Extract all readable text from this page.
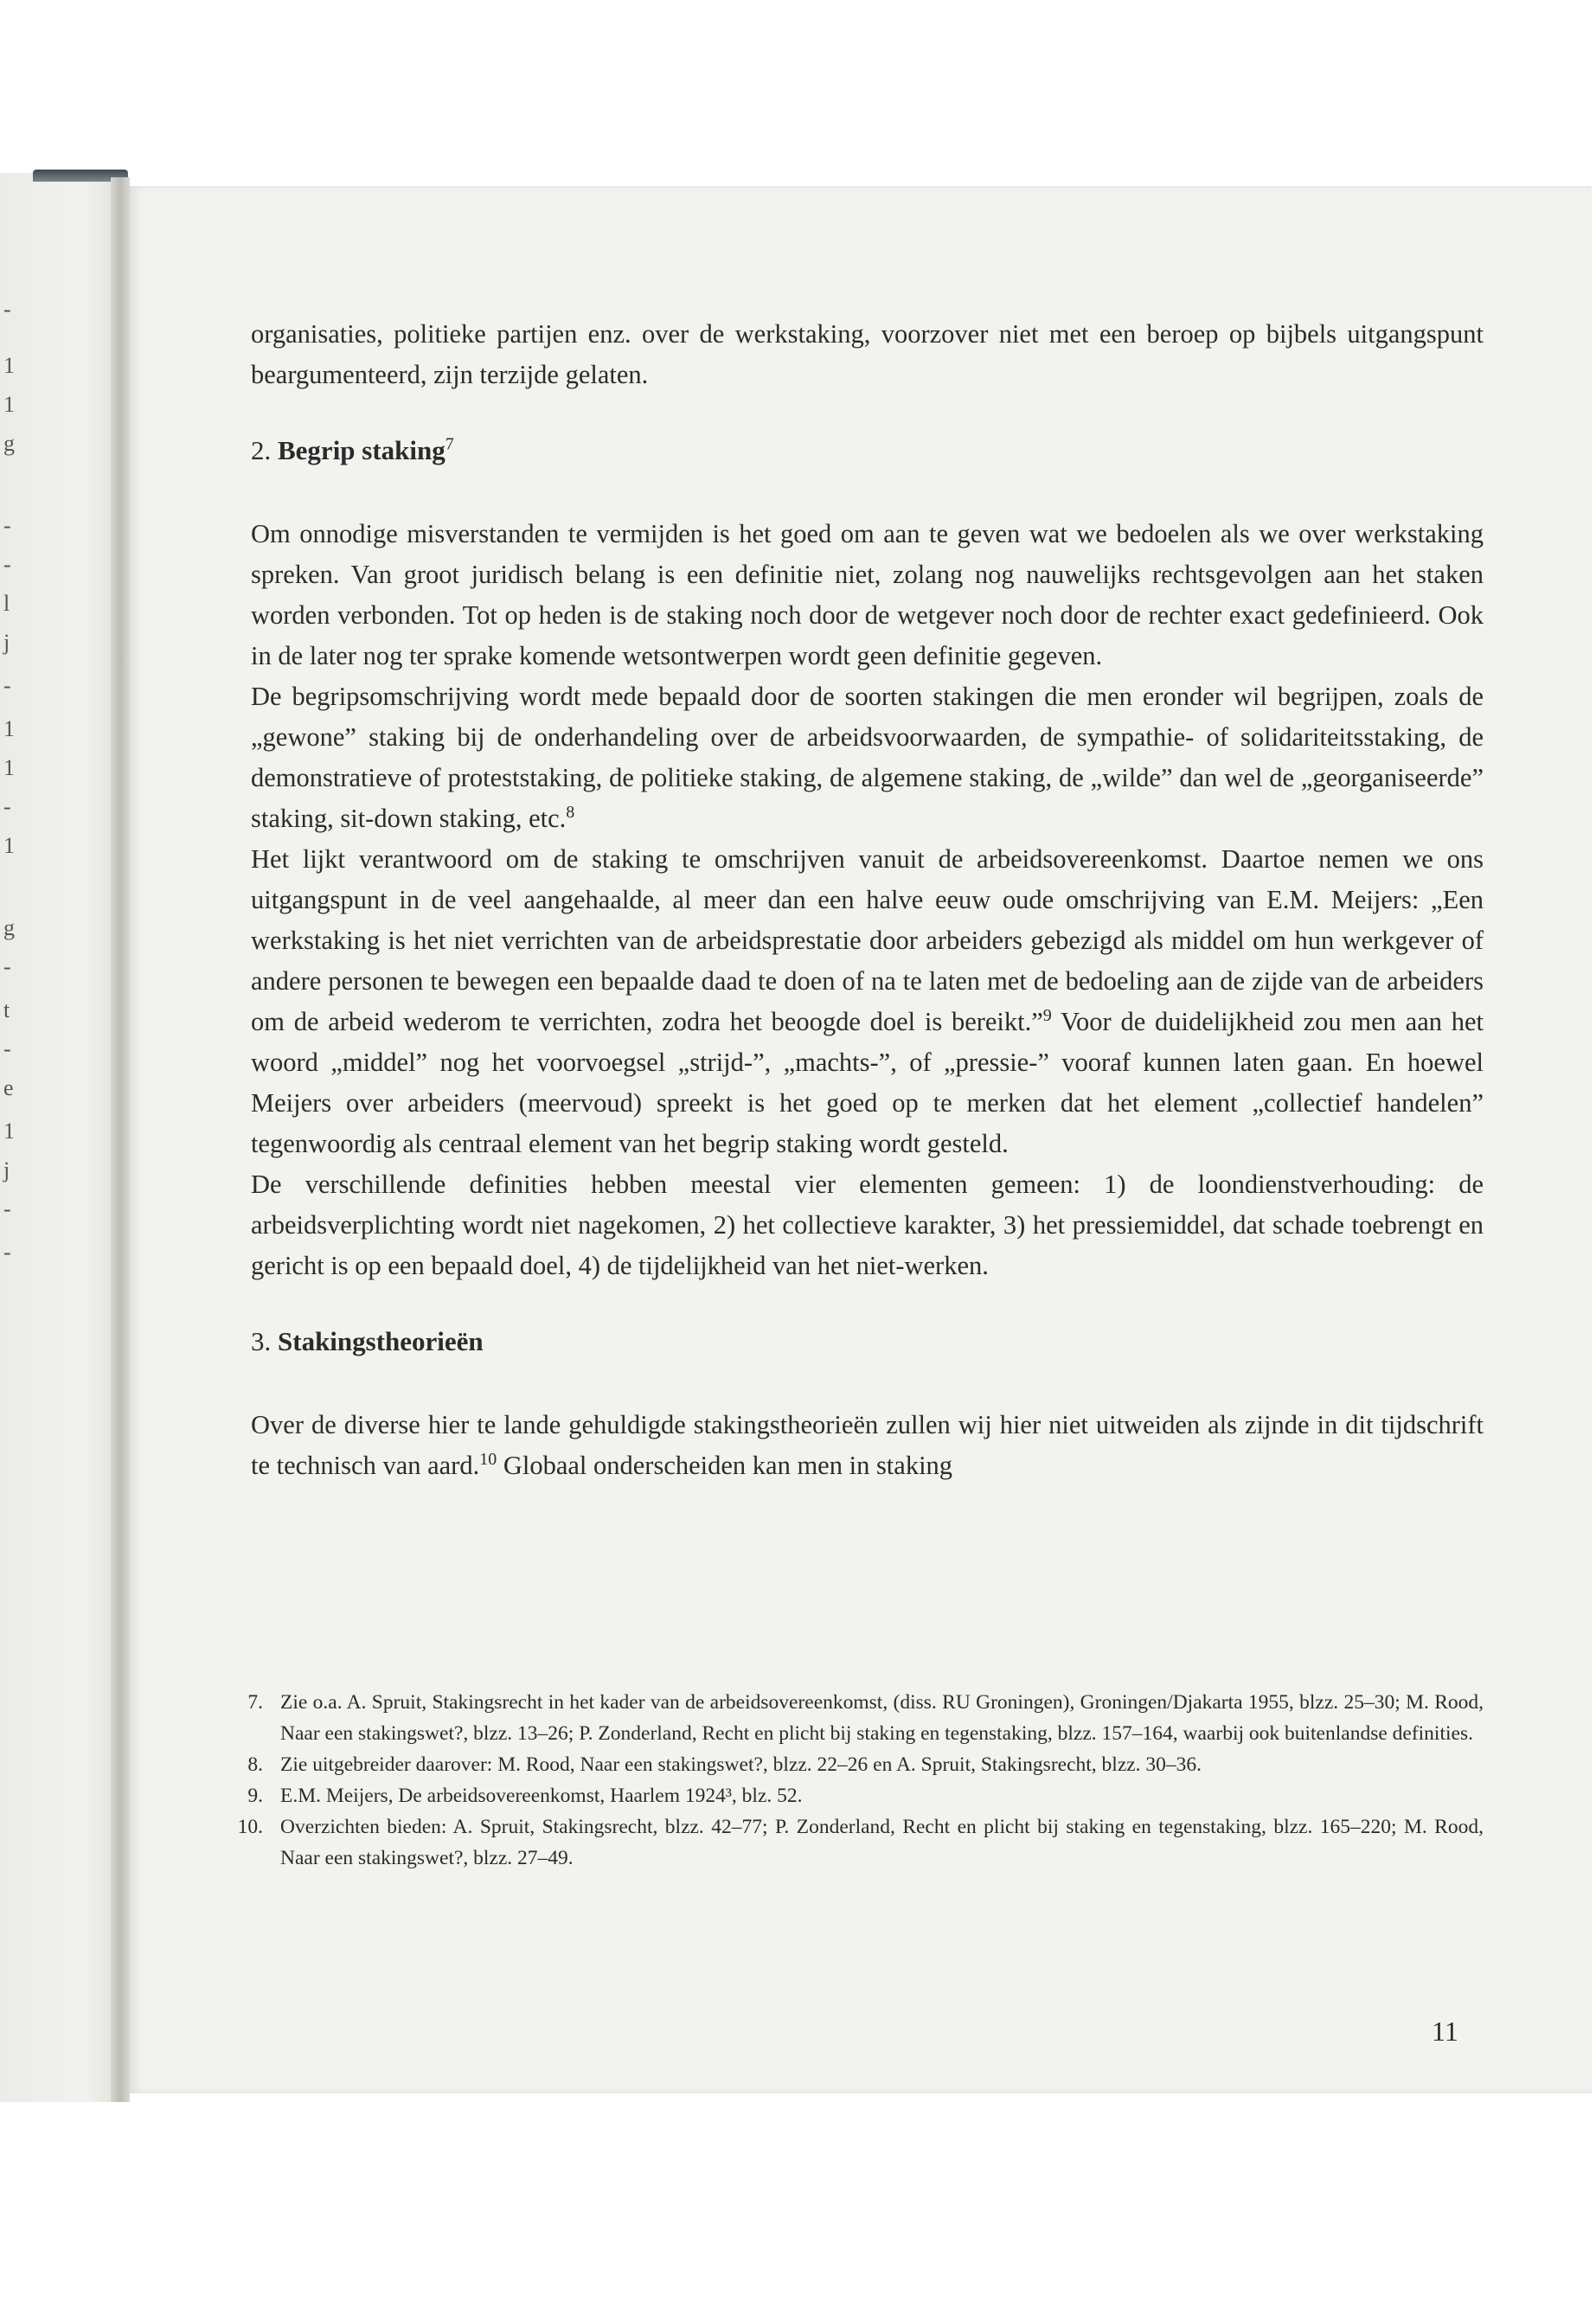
-
1
1
g
-
-
l
j
-
1
1
-
1
g
-
t
-
e
1
j
-
-

organisaties, politieke partijen enz. over de werkstaking, voorzover niet met een beroep op bijbels uitgangspunt beargumenteerd, zijn terzijde gelaten.

2. Begrip staking$^7$

Om onnodige misverstanden te vermijden is het goed om aan te geven wat we bedoelen als we over werkstaking spreken. Van groot juridisch belang is een definitie niet, zolang nog nauwelijks rechtsgevolgen aan het staken worden verbonden. Tot op heden is de staking noch door de wetgever noch door de rechter exact gedefinieerd. Ook in de later nog ter sprake komende wetsontwerpen wordt geen definitie gegeven.

De begripsomschrijving wordt mede bepaald door de soorten stakingen die men eronder wil begrijpen, zoals de „gewone” staking bij de onderhandeling over de arbeidsvoorwaarden, de sympathie- of solidariteitsstaking, de demonstratieve of proteststaking, de politieke staking, de algemene staking, de „wilde” dan wel de „georganiseerde” staking, sit-down staking, etc.$^8$

Het lijkt verantwoord om de staking te omschrijven vanuit de arbeidsovereenkomst. Daartoe nemen we ons uitgangspunt in de veel aangehaalde, al meer dan een halve eeuw oude omschrijving van E.M. Meijers: „Een werkstaking is het niet verrichten van de arbeidsprestatie door arbeiders gebezigd als middel om hun werkgever of andere personen te bewegen een bepaalde daad te doen of na te laten met de bedoeling aan de zijde van de arbeiders om de arbeid wederom te verrichten, zodra het beoogde doel is bereikt.”$^9$ Voor de duidelijkheid zou men aan het woord „middel” nog het voorvoegsel „strijd-”, „machts-”, of „pressie-” vooraf kunnen laten gaan. En hoewel Meijers over arbeiders (meervoud) spreekt is het goed op te merken dat het element „collectief handelen” tegenwoordig als centraal element van het begrip staking wordt gesteld.

De verschillende definities hebben meestal vier elementen gemeen: 1) de loondienstverhouding: de arbeidsverplichting wordt niet nagekomen, 2) het collectieve karakter, 3) het pressiemiddel, dat schade toebrengt en gericht is op een bepaald doel, 4) de tijdelijkheid van het niet-werken.

3. Stakingstheorieën

Over de diverse hier te lande gehuldigde stakingstheorieën zullen wij hier niet uitweiden als zijnde in dit tijdschrift te technisch van aard.$^{10}$ Globaal onderscheiden kan men in staking

7. Zie o.a. A. Spruit, Stakingsrecht in het kader van de arbeidsovereenkomst, (diss. RU Groningen), Groningen/Djakarta 1955, blzz. 25–30; M. Rood, Naar een stakingswet?, blzz. 13–26; P. Zonderland, Recht en plicht bij staking en tegenstaking, blzz. 157–164, waarbij ook buitenlandse definities.
8. Zie uitgebreider daarover: M. Rood, Naar een stakingswet?, blzz. 22–26 en A. Spruit, Stakingsrecht, blzz. 30–36.
9. E.M. Meijers, De arbeidsovereenkomst, Haarlem 1924³, blz. 52.
10. Overzichten bieden: A. Spruit, Stakingsrecht, blzz. 42–77; P. Zonderland, Recht en plicht bij staking en tegenstaking, blzz. 165–220; M. Rood, Naar een stakingswet?, blzz. 27–49.
11
